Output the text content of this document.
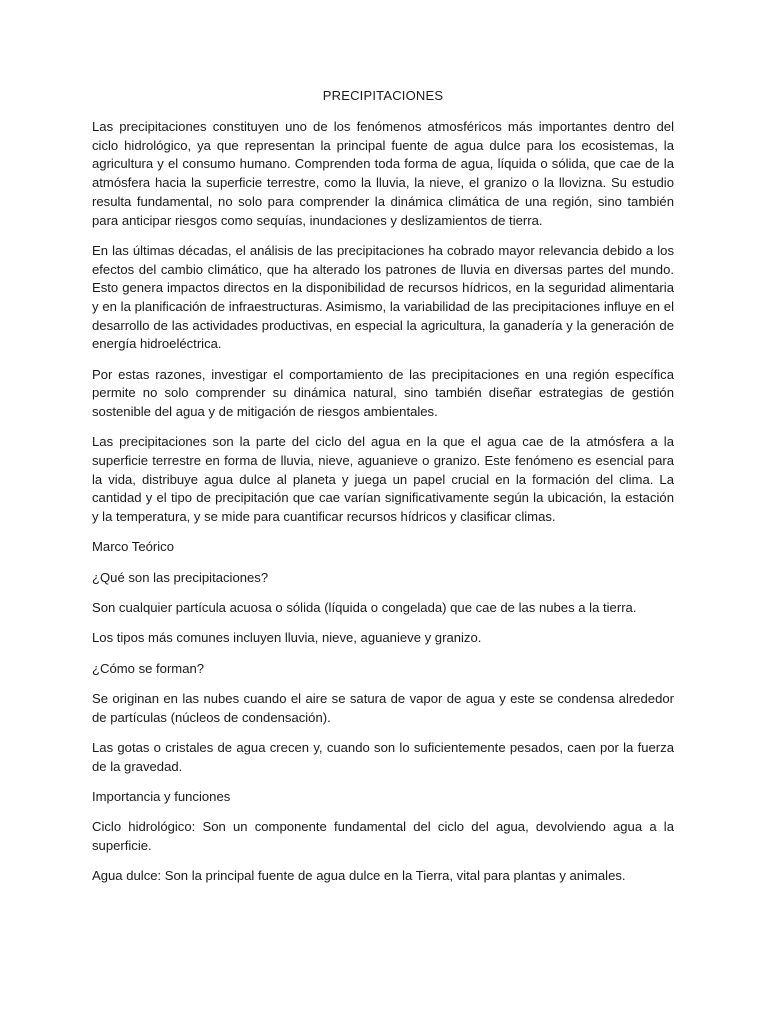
PRECIPITACIONES

Las precipitaciones constituyen uno de los fenómenos atmosféricos más importantes dentro del ciclo hidrológico, ya que representan la principal fuente de agua dulce para los ecosistemas, la agricultura y el consumo humano. Comprenden toda forma de agua, líquida o sólida, que cae de la atmósfera hacia la superficie terrestre, como la lluvia, la nieve, el granizo o la llovizna. Su estudio resulta fundamental, no solo para comprender la dinámica climática de una región, sino también para anticipar riesgos como sequías, inundaciones y deslizamientos de tierra.

En las últimas décadas, el análisis de las precipitaciones ha cobrado mayor relevancia debido a los efectos del cambio climático, que ha alterado los patrones de lluvia en diversas partes del mundo. Esto genera impactos directos en la disponibilidad de recursos hídricos, en la seguridad alimentaria y en la planificación de infraestructuras. Asimismo, la variabilidad de las precipitaciones influye en el desarrollo de las actividades productivas, en especial la agricultura, la ganadería y la generación de energía hidroeléctrica.

Por estas razones, investigar el comportamiento de las precipitaciones en una región específica permite no solo comprender su dinámica natural, sino también diseñar estrategias de gestión sostenible del agua y de mitigación de riesgos ambientales.

Las precipitaciones son la parte del ciclo del agua en la que el agua cae de la atmósfera a la superficie terrestre en forma de lluvia, nieve, aguanieve o granizo. Este fenómeno es esencial para la vida, distribuye agua dulce al planeta y juega un papel crucial en la formación del clima. La cantidad y el tipo de precipitación que cae varían significativamente según la ubicación, la estación y la temperatura, y se mide para cuantificar recursos hídricos y clasificar climas.

Marco Teórico

¿Qué son las precipitaciones?

Son cualquier partícula acuosa o sólida (líquida o congelada) que cae de las nubes a la tierra.

Los tipos más comunes incluyen lluvia, nieve, aguanieve y granizo.

¿Cómo se forman?

Se originan en las nubes cuando el aire se satura de vapor de agua y este se condensa alrededor de partículas (núcleos de condensación).

Las gotas o cristales de agua crecen y, cuando son lo suficientemente pesados, caen por la fuerza de la gravedad.

Importancia y funciones

Ciclo hidrológico: Son un componente fundamental del ciclo del agua, devolviendo agua a la superficie.

Agua dulce: Son la principal fuente de agua dulce en la Tierra, vital para plantas y animales.
